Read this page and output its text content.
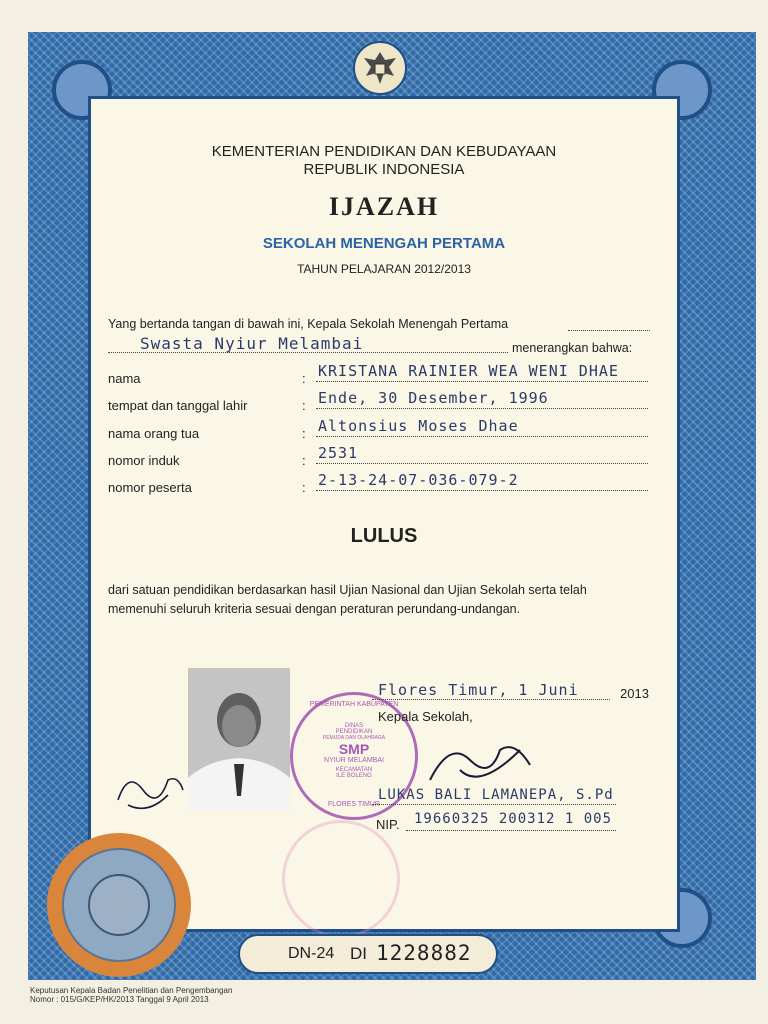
KEMENTERIAN PENDIDIKAN DAN KEBUDAYAAN
REPUBLIK INDONESIA
IJAZAH
SEKOLAH MENENGAH PERTAMA
TAHUN PELAJARAN 2012/2013
Yang bertanda tangan di bawah ini, Kepala Sekolah Menengah Pertama
Swasta Nyiur Melambai	menerangkan bahwa:
nama	: KRISTANA RAINIER WEA WENI DHAE
tempat dan tanggal lahir	: Ende, 30 Desember, 1996
nama orang tua	: Altonsius Moses Dhae
nomor induk	: 2531
nomor peserta	: 2-13-24-07-036-079-2
LULUS
dari satuan pendidikan berdasarkan hasil Ujian Nasional dan Ujian Sekolah serta telah
memenuhi seluruh kriteria sesuai dengan peraturan perundang-undangan.
PEMERINTAH KABUPATEN
DINAS
PENDIDIKAN
PEMUDA DAN OLAHRAGA
SMP
NYIUR MELAMBAI
KECAMATAN
ILE BOLENG
FLORES TIMUR
Flores Timur, 1 Juni	2013
Kepala Sekolah,
LUKAS BALI LAMANEPA, S.Pd
NIP. 19660325 200312 1 005
DN-24 DI 1228882
Keputusan Kepala Badan Penelitian dan Pengembangan
Nomor : 015/G/KEP/HK/2013 Tanggal 9 April 2013
